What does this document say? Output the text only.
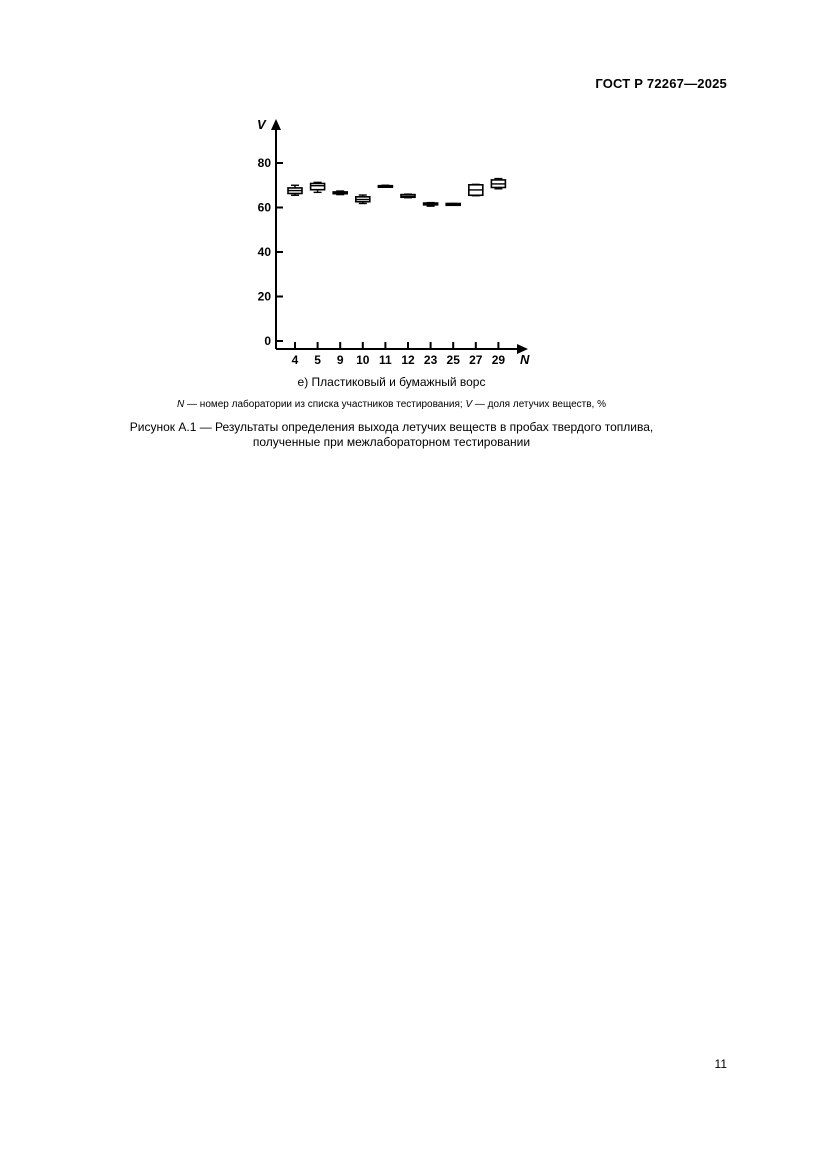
ГОСТ Р 72267—2025
V
N
0
20
40
60
80
4 5 9 10 11 12 23 25 27 29
е) Пластиковый и бумажный ворс
N — номер лаборатории из списка участников тестирования; V — доля летучих веществ, %
Рисунок А.1 — Результаты определения выхода летучих веществ в пробах твердого топлива,
полученные при межлабораторном тестировании
11
